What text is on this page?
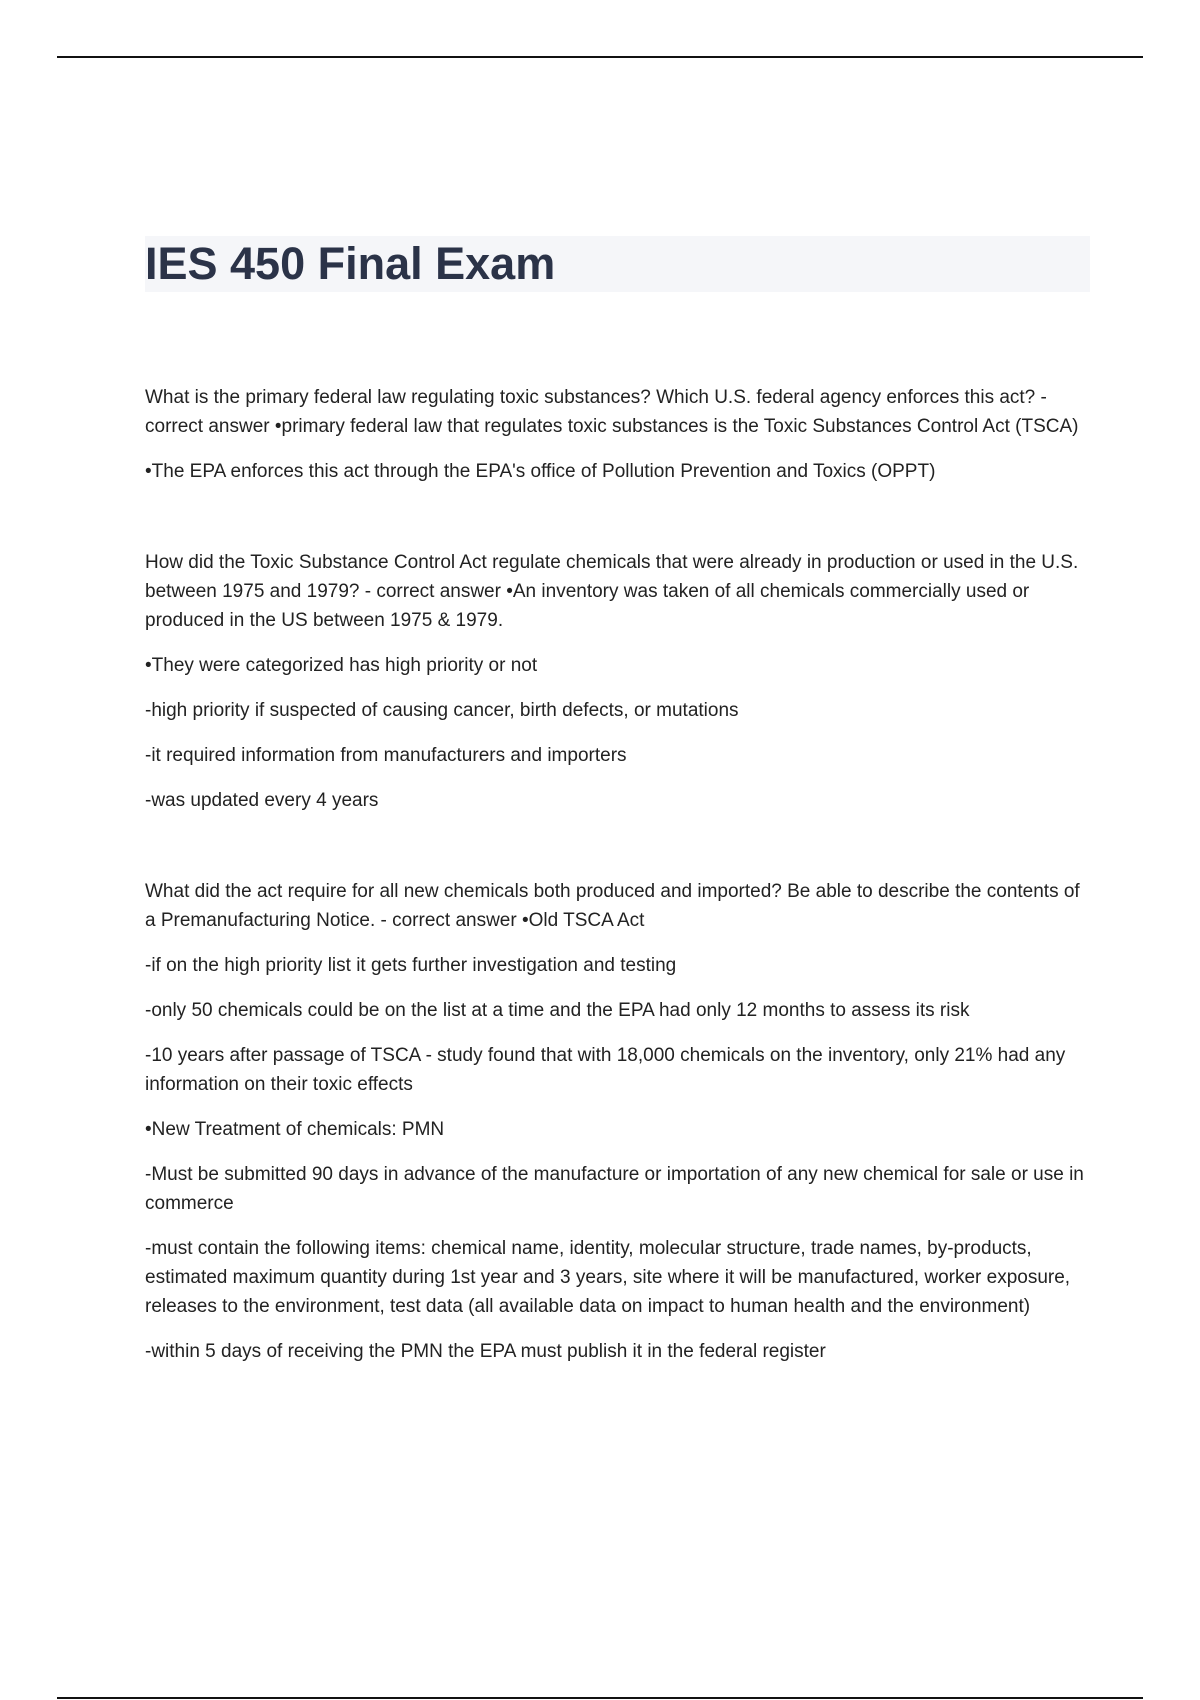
IES 450 Final Exam

What is the primary federal law regulating toxic substances? Which U.S. federal agency enforces this act? - correct answer •primary federal law that regulates toxic substances is the Toxic Substances Control Act (TSCA)

•The EPA enforces this act through the EPA's office of Pollution Prevention and Toxics (OPPT)

How did the Toxic Substance Control Act regulate chemicals that were already in production or used in the U.S. between 1975 and 1979? - correct answer •An inventory was taken of all chemicals commercially used or produced in the US between 1975 & 1979.

•They were categorized has high priority or not

-high priority if suspected of causing cancer, birth defects, or mutations

-it required information from manufacturers and importers

-was updated every 4 years

What did the act require for all new chemicals both produced and imported? Be able to describe the contents of a Premanufacturing Notice. - correct answer •Old TSCA Act

-if on the high priority list it gets further investigation and testing

-only 50 chemicals could be on the list at a time and the EPA had only 12 months to assess its risk

-10 years after passage of TSCA - study found that with 18,000 chemicals on the inventory, only 21% had any information on their toxic effects

•New Treatment of chemicals: PMN

-Must be submitted 90 days in advance of the manufacture or importation of any new chemical for sale or use in commerce

-must contain the following items: chemical name, identity, molecular structure, trade names, by-products, estimated maximum quantity during 1st year and 3 years, site where it will be manufactured, worker exposure, releases to the environment, test data (all available data on impact to human health and the environment)

-within 5 days of receiving the PMN the EPA must publish it in the federal register
